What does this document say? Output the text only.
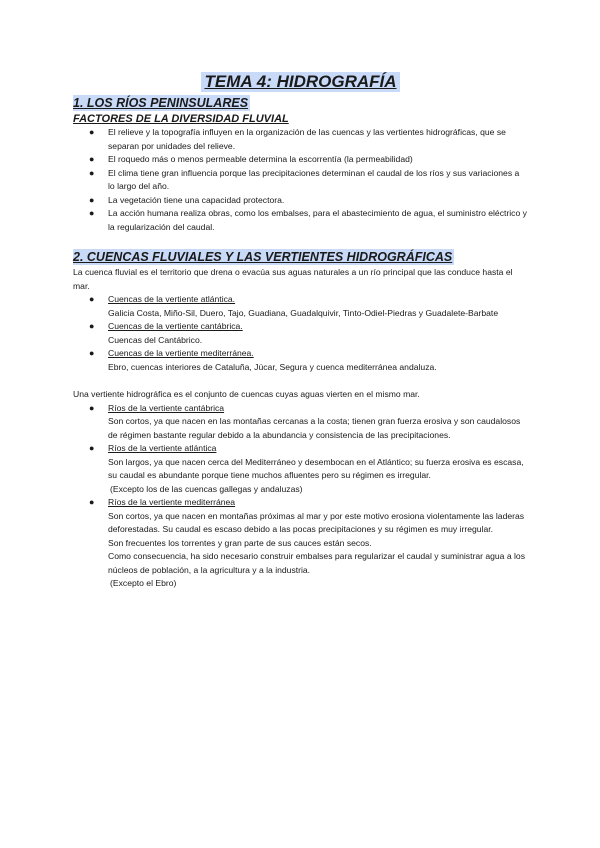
TEMA 4: HIDROGRAFÍA
1. LOS RÍOS PENINSULARES
FACTORES DE LA DIVERSIDAD FLUVIAL
● El relieve y la topografía influyen en la organización de las cuencas y las vertientes hidrográficas, que se separan por unidades del relieve.
● El roquedo más o menos permeable determina la escorrentía (la permeabilidad)
● El clima tiene gran influencia porque las precipitaciones determinan el caudal de los ríos y sus variaciones a lo largo del año.
● La vegetación tiene una capacidad protectora.
● La acción humana realiza obras, como los embalses, para el abastecimiento de agua, el suministro eléctrico y la regularización del caudal.
2. CUENCAS FLUVIALES Y LAS VERTIENTES HIDROGRÁFICAS
La cuenca fluvial es el territorio que drena o evacúa sus aguas naturales a un río principal que las conduce hasta el mar.
● Cuencas de la vertiente atlántica.
Galicia Costa, Miño-Sil, Duero, Tajo, Guadiana, Guadalquivir, Tinto-Odiel-Piedras y Guadalete-Barbate
● Cuencas de la vertiente cantábrica.
Cuencas del Cantábrico.
● Cuencas de la vertiente mediterránea.
Ebro, cuencas interiores de Cataluña, Júcar, Segura y cuenca mediterránea andaluza.
Una vertiente hidrográfica es el conjunto de cuencas cuyas aguas vierten en el mismo mar.
● Ríos de la vertiente cantábrica
Son cortos, ya que nacen en las montañas cercanas a la costa; tienen gran fuerza erosiva y son caudalosos de régimen bastante regular debido a la abundancia y consistencia de las precipitaciones.
● Ríos de la vertiente atlántica
Son largos, ya que nacen cerca del Mediterráneo y desembocan en el Atlántico; su fuerza erosiva es escasa, su caudal es abundante porque tiene muchos afluentes pero su régimen es irregular.
(Excepto los de las cuencas gallegas y andaluzas)
● Ríos de la vertiente mediterránea
Son cortos, ya que nacen en montañas próximas al mar y por este motivo erosiona violentamente las laderas deforestadas. Su caudal es escaso debido a las pocas precipitaciones y su régimen es muy irregular.
Son frecuentes los torrentes y gran parte de sus cauces están secos.
Como consecuencia, ha sido necesario construir embalses para regularizar el caudal y suministrar agua a los núcleos de población, a la agricultura y a la industria.
(Excepto el Ebro)
